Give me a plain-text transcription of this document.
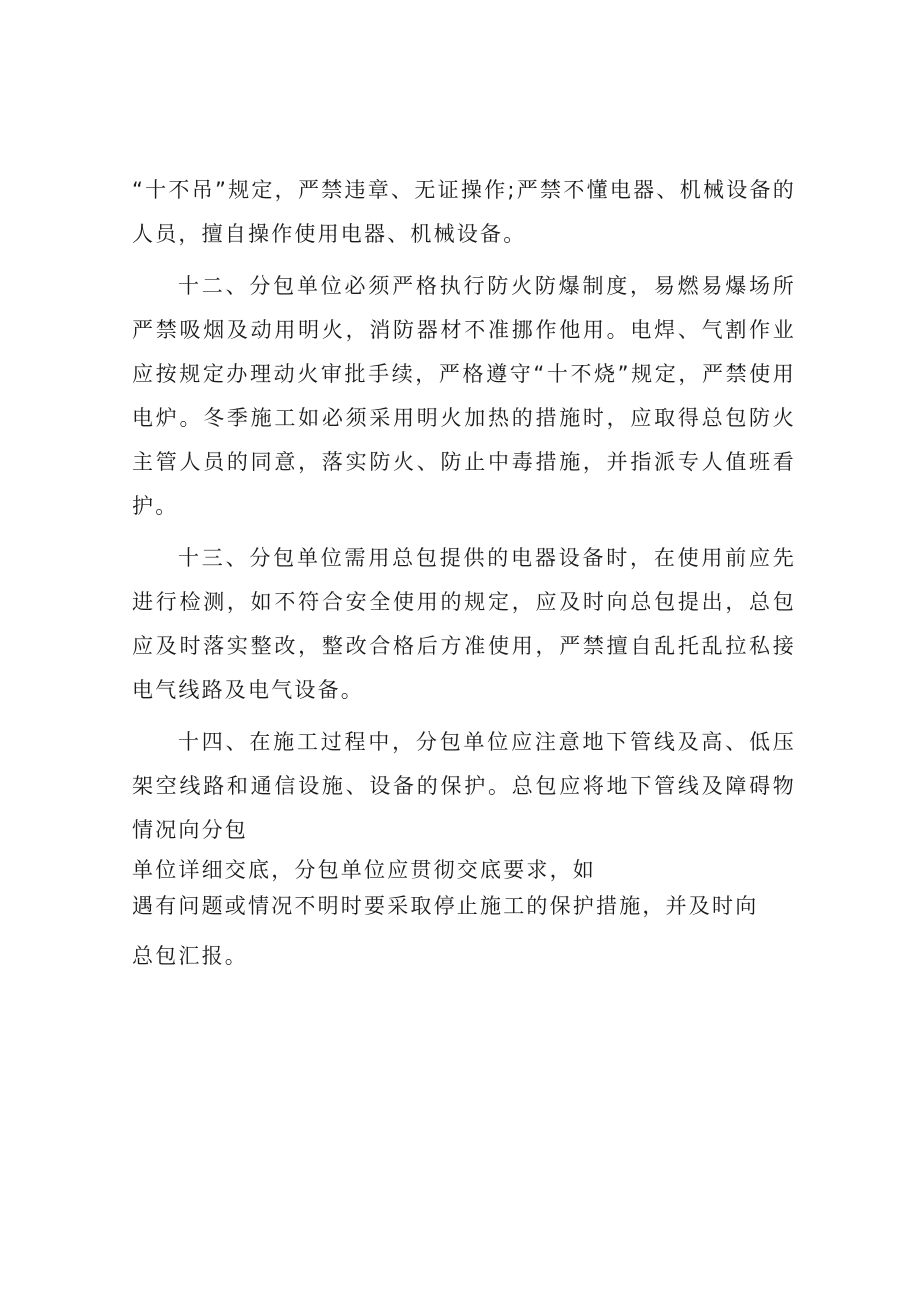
“十不吊”规定，严禁违章、无证操作;严禁不懂电器、机械设备的人员，擅自操作使用电器、机械设备。

十二、分包单位必须严格执行防火防爆制度，易燃易爆场所严禁吸烟及动用明火，消防器材不准挪作他用。电焊、气割作业应按规定办理动火审批手续，严格遵守“十不烧”规定，严禁使用电炉。冬季施工如必须采用明火加热的措施时，应取得总包防火主管人员的同意，落实防火、防止中毒措施，并指派专人值班看护。

十三、分包单位需用总包提供的电器设备时，在使用前应先进行检测，如不符合安全使用的规定，应及时向总包提出，总包应及时落实整改，整改合格后方准使用，严禁擅自乱托乱拉私接电气线路及电气设备。

十四、在施工过程中，分包单位应注意地下管线及高、低压架空线路和通信设施、设备的保护。总包应将地下管线及障碍物情况向分包

单位详细交底，分包单位应贯彻交底要求，如

遇有问题或情况不明时要采取停止施工的保护措施，并及时向

总包汇报。
